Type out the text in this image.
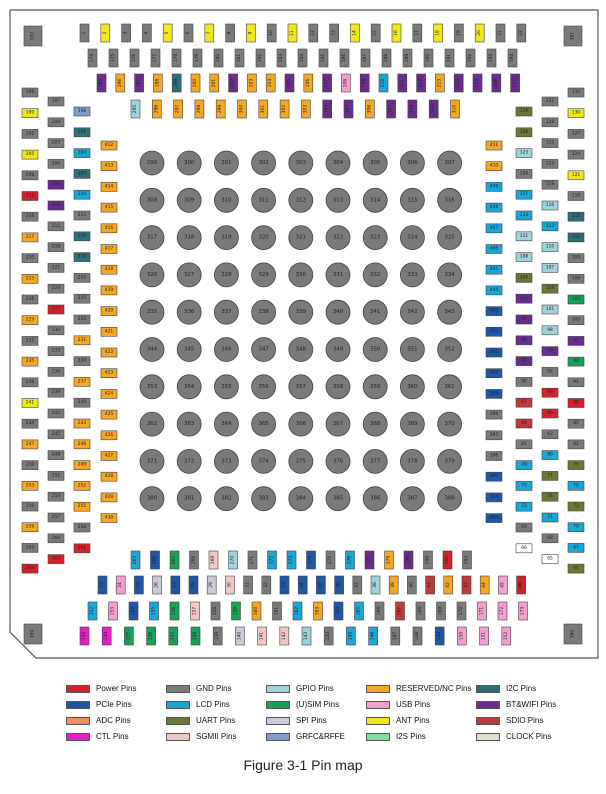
392	391
389	390
1	2	3	4	5	6	7	8	9	10	11	12	13	14	15	16	17	18	19	20	21	22
174	175	176	177	178	179	180	181	182	183	184	185	186	187	188	189	190	191	192	193	194
195	196	197	198	199	200	201	202	203	204	205	206	207	208	209	210	211	212	213	214	215	216	217
295	296	297	298	299	300	301	302	303	304	305	306	307	308	309	310
265	266	267	268	269	270	271	272	273	274	275	276	277	278	279	280	281	282
23	24	25	26	27	28	29	30	31	32	33	34	35	36	37	38	39	40	41	42	43	44	45	46
152	153	154	155	156	157	158	159	160	161	162	163	164	165	166	167	168	169	170	171	172	173
133	134	135	136	137	138	139	140	141	142	143	144	145	146	147	148	149	150	151	152
196
199
202
205
208
211
214
217
220
223
226
229
232
235
238
241
244
247
250
253
256
259
262
264
197
200
203
206
209
212
215
218
221
224
227
230
233
236
239
242
245
248
251
254
257
260
263
198
201
204
207
210
213
216
219
222
225
228
231
234
237
240
243
246
249
252
255
258
261
412
413
414
415
416
417
418
419
420
421
422
423
424
425
426
427
428
429
430
411
410
409
408
407
406
405
404
403
402
401
400
399
398
397
396
395
394
393
129
126
123
120
117
114
111
108
105
102
99
96
93
90
87
84
81
78
75
72
69
66
131
128
125
122
119
116
113
110
107
104
101
98
95
92
89
86
83
80
77
74
71
68
65
132
130
127
124
121
118
115
112
109
106
103
100
97
94
91
88
85
82
79
76
73
70
67
64
299	300	301	302	303	304	305	306	307
308	309	310	311	312	313	314	315	316
317	318	319	320	321	322	323	324	325
326	327	328	329	330	331	332	333	334
335	336	337	338	339	340	341	342	343
344	345	346	347	348	349	350	351	352
353	354	355	356	357	358	359	360	361
362	363	364	365	366	367	368	369	370
371	372	373	374	375	376	377	378	379
380	381	382	383	384	385	386	387	388
Power Pins	GND Pins	GPIO Pins	RESERVED/NC Pins	I2C Pins
PCIe Pins	LCD Pins	(U)SIM Pins	USB Pins	BT&WIFI Pins
ADC Pins	UART Pins	SPI Pins	ANT Pins	SDIO Pins
CTL Pins	SGMII Pins	GRFC&RFFE	I2S Pins	CLOCK Pins
Figure 3-1 Pin map
